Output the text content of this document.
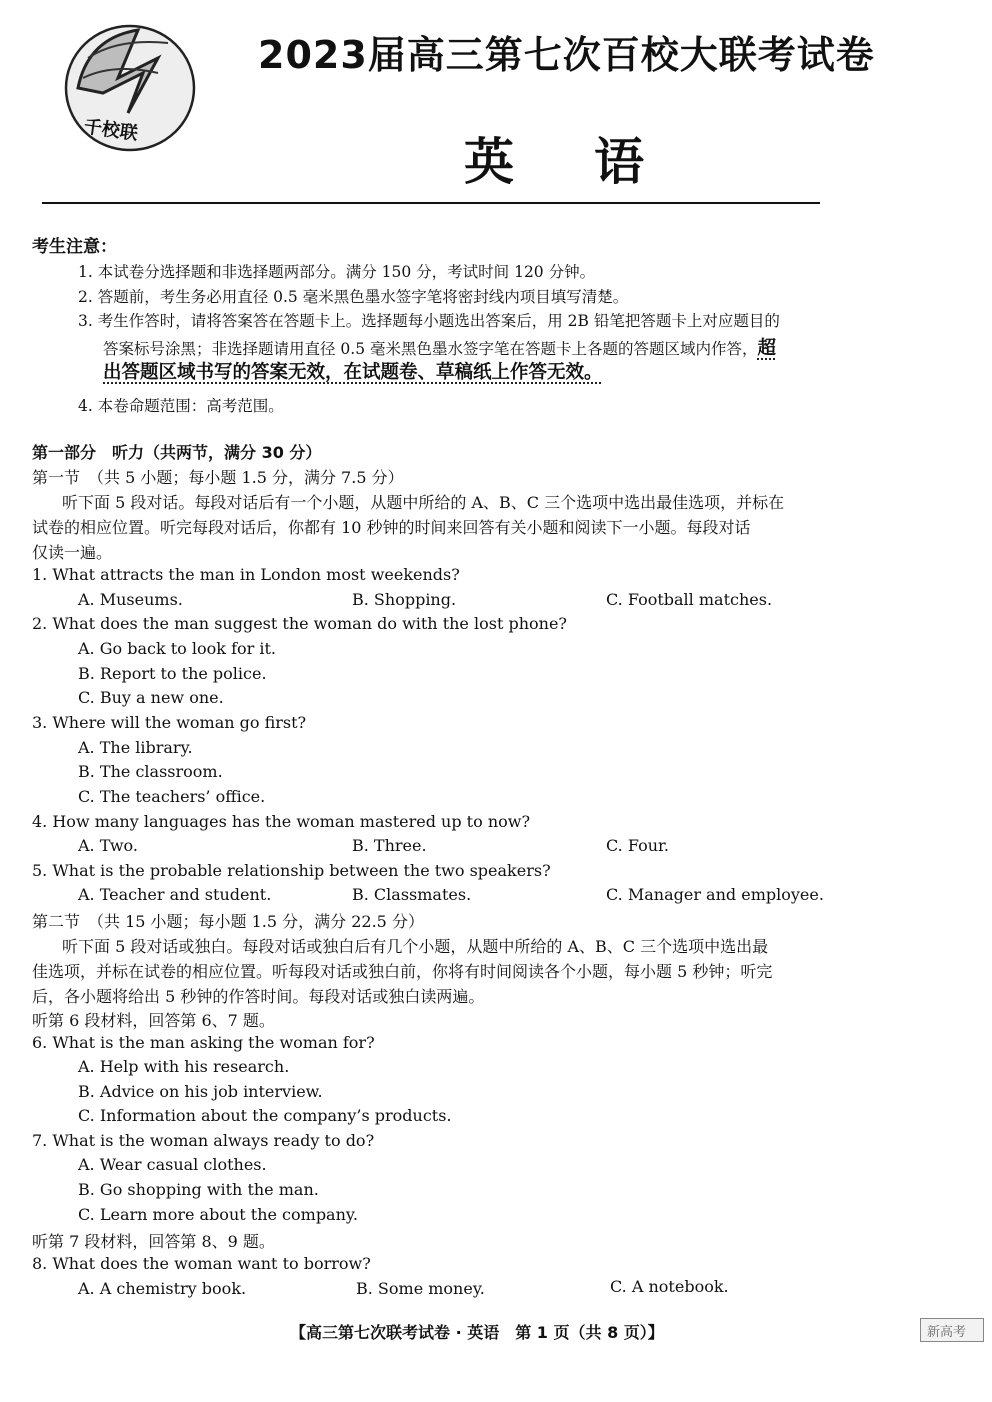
千校联
2023届高三第七次百校大联考试卷
英语
考生注意：
1. 本试卷分选择题和非选择题两部分。满分 150 分，考试时间 120 分钟。
2. 答题前，考生务必用直径 0.5 毫米黑色墨水签字笔将密封线内项目填写清楚。
3. 考生作答时，请将答案答在答题卡上。选择题每小题选出答案后，用 2B 铅笔把答题卡上对应题目的
答案标号涂黑；非选择题请用直径 0.5 毫米黑色墨水签字笔在答题卡上各题的答题区域内作答，超
出答题区域书写的答案无效，在试题卷、草稿纸上作答无效。
4. 本卷命题范围：高考范围。
第一部分　听力（共两节，满分 30 分）
第一节　（共 5 小题；每小题 1.5 分，满分 7.5 分）
听下面 5 段对话。每段对话后有一个小题，从题中所给的 A、B、C 三个选项中选出最佳选项，并标在
试卷的相应位置。听完每段对话后，你都有 10 秒钟的时间来回答有关小题和阅读下一小题。每段对话
仅读一遍。
1. What attracts the man in London most weekends?
A. Museums.	B. Shopping.	C. Football matches.
2. What does the man suggest the woman do with the lost phone?
A. Go back to look for it.
B. Report to the police.
C. Buy a new one.
3. Where will the woman go first?
A. The library.
B. The classroom.
C. The teachers’ office.
4. How many languages has the woman mastered up to now?
A. Two.	B. Three.	C. Four.
5. What is the probable relationship between the two speakers?
A. Teacher and student.	B. Classmates.	C. Manager and employee.
第二节　（共 15 小题；每小题 1.5 分，满分 22.5 分）
听下面 5 段对话或独白。每段对话或独白后有几个小题，从题中所给的 A、B、C 三个选项中选出最
佳选项，并标在试卷的相应位置。听每段对话或独白前，你将有时间阅读各个小题，每小题 5 秒钟；听完
后，各小题将给出 5 秒钟的作答时间。每段对话或独白读两遍。
听第 6 段材料，回答第 6、7 题。
6. What is the man asking the woman for?
A. Help with his research.
B. Advice on his job interview.
C. Information about the company’s products.
7. What is the woman always ready to do?
A. Wear casual clothes.
B. Go shopping with the man.
C. Learn more about the company.
听第 7 段材料，回答第 8、9 题。
8. What does the woman want to borrow?
A. A chemistry book.	B. Some money.	C. A notebook.
【高三第七次联考试卷 · 英语　第 1 页（共 8 页）】	新高考
